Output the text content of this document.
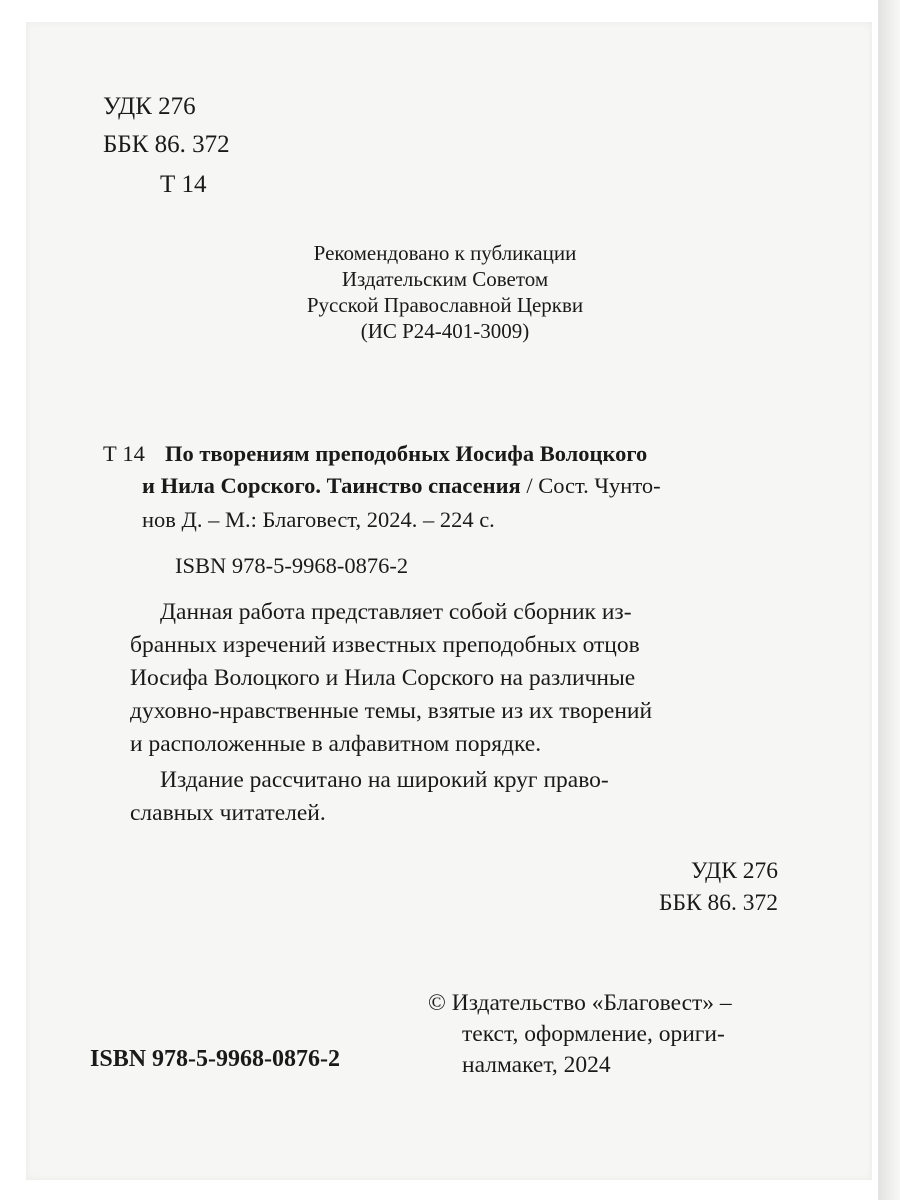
УДК 276
ББК 86. 372
Т 14
Рекомендовано к публикации
Издательским Советом
Русской Православной Церкви
(ИС Р24-401-3009)
Т 14 По творениям преподобных Иосифа Волоцкого
и Нила Сорского. Таинство спасения / Сост. Чунто-
нов Д. – М.: Благовест, 2024. – 224 с.
ISBN 978-5-9968-0876-2
Данная работа представляет собой сборник из-
бранных изречений известных преподобных отцов
Иосифа Волоцкого и Нила Сорского на различные
духовно-нравственные темы, взятые из их творений
и расположенные в алфавитном порядке.
Издание рассчитано на широкий круг право-
славных читателей.
УДК 276
ББК 86. 372
© Издательство «Благовест» –
текст, оформление, ориги-
налмакет, 2024
ISBN 978-5-9968-0876-2
